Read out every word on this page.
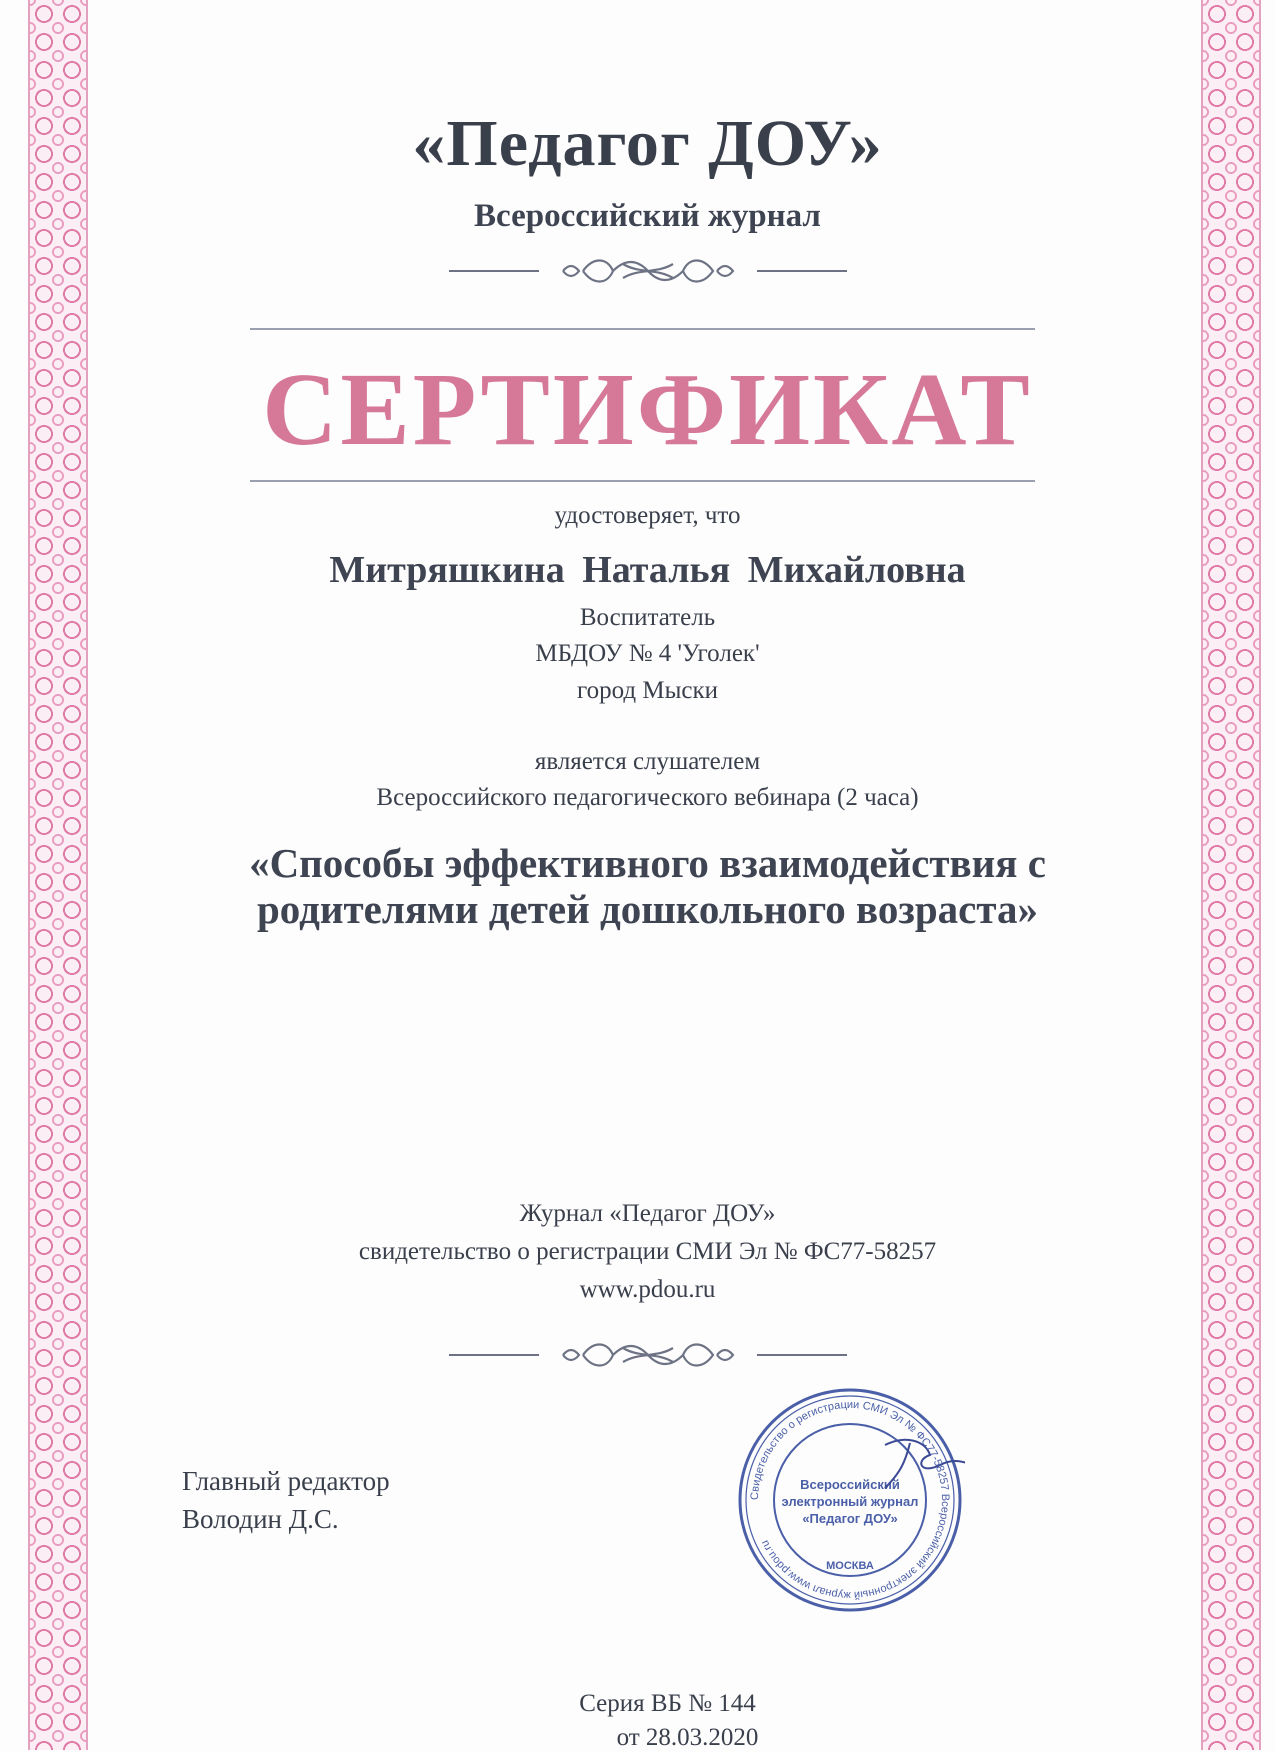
«Педагог ДОУ»
Всероссийский журнал
СЕРТИФИКАТ
удостоверяет, что
Митряшкина Наталья Михайловна
Воспитатель
МБДОУ № 4 'Уголек'
город Мыски
является слушателем
Всероссийского педагогического вебинара (2 часа)
«Способы эффективного взаимодействия с
родителями детей дошкольного возраста»
Журнал «Педагог ДОУ»
свидетельство о регистрации СМИ Эл № ФС77-58257
www.pdou.ru
Главный редактор
Володин Д.С.
Свидетельство о регистрации СМИ Эл № ФС77-58257 Всероссийский электронный журнал www.pdou.ru
Всероссийский
электронный журнал
«Педагог ДОУ»
МОСКВА
Серия ВБ № 144
от 28.03.2020
